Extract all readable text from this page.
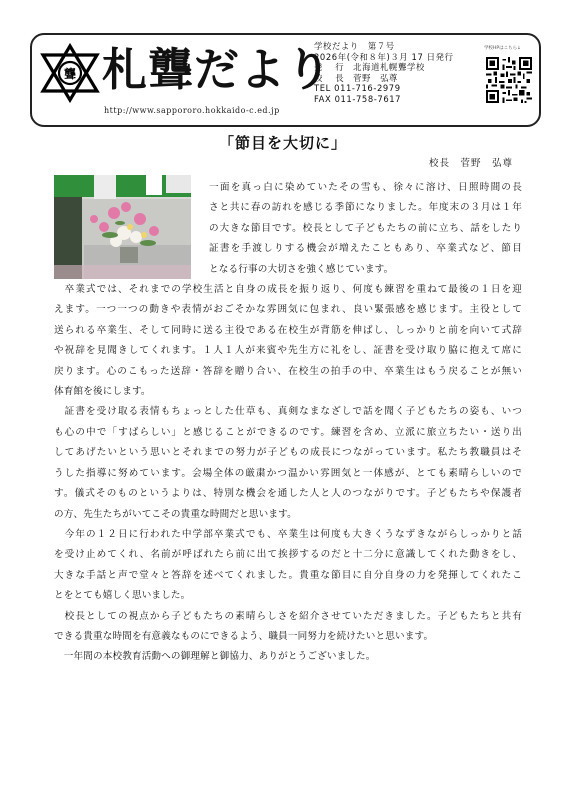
聾 札聾だより
http://www.sappororo.hokkaido-c.ed.jp
学校だより　第７号
2026年(令和８年)３月 17 日発行
発　 行　北海道札幌聾学校
校　 長　菅野　弘尊
TEL 011-716-2979
FAX 011-758-7617
学校HPはこちら↓
「節目を大切に」
校長　菅野　弘尊
一面を真っ白に染めていたその雪も、徐々に溶け、日照時間の長
さと共に春の訪れを感じる季節になりました。年度末の３月は１年
の大きな節目です。校長として子どもたちの前に立ち、話をしたり
証書を手渡しりする機会が増えたこともあり、卒業式など、節目
となる行事の大切さを強く感じています。
　卒業式では、それまでの学校生活と自身の成長を振り返り、何度も練習を重ねて最後の１日を迎
えます。一つ一つの動きや表情がおごそかな雰囲気に包まれ、良い緊張感を感じます。主役として
送られる卒業生、そして同時に送る主役である在校生が背筋を伸ばし、しっかりと前を向いて式辞
や祝辞を見聞きしてくれます。１人１人が来賓や先生方に礼をし、証書を受け取り脇に抱えて席に
戻ります。心のこもった送辞・答辞を贈り合い、在校生の拍手の中、卒業生はもう戻ることが無い
体育館を後にします。
　証書を受け取る表情もちょっとした仕草も、真剣なまなざしで話を聞く子どもたちの姿も、いつ
も心の中で「すばらしい」と感じることができるのです。練習を含め、立派に旅立ちたい・送り出
してあげたいという思いとそれまでの努力が子どもの成長につながっています。私たち教職員はそ
うした指導に努めています。会場全体の厳粛かつ温かい雰囲気と一体感が、とても素晴らしいので
す。儀式そのものというよりは、特別な機会を通した人と人のつながりです。子どもたちや保護者
の方、先生たちがいてこその貴重な時間だと思います。
　今年の１２日に行われた中学部卒業式でも、卒業生は何度も大きくうなずきながらしっかりと話
を受け止めてくれ、名前が呼ばれたら前に出て挨拶するのだと十二分に意識してくれた動きをし、
大きな手話と声で堂々と答辞を述べてくれました。貴重な節目に自分自身の力を発揮してくれたこ
とをとても嬉しく思いました。
　校長としての視点から子どもたちの素晴らしさを紹介させていただきました。子どもたちと共有
できる貴重な時間を有意義なものにできるよう、職員一同努力を続けたいと思います。
　一年間の本校教育活動への御理解と御協力、ありがとうございました。
